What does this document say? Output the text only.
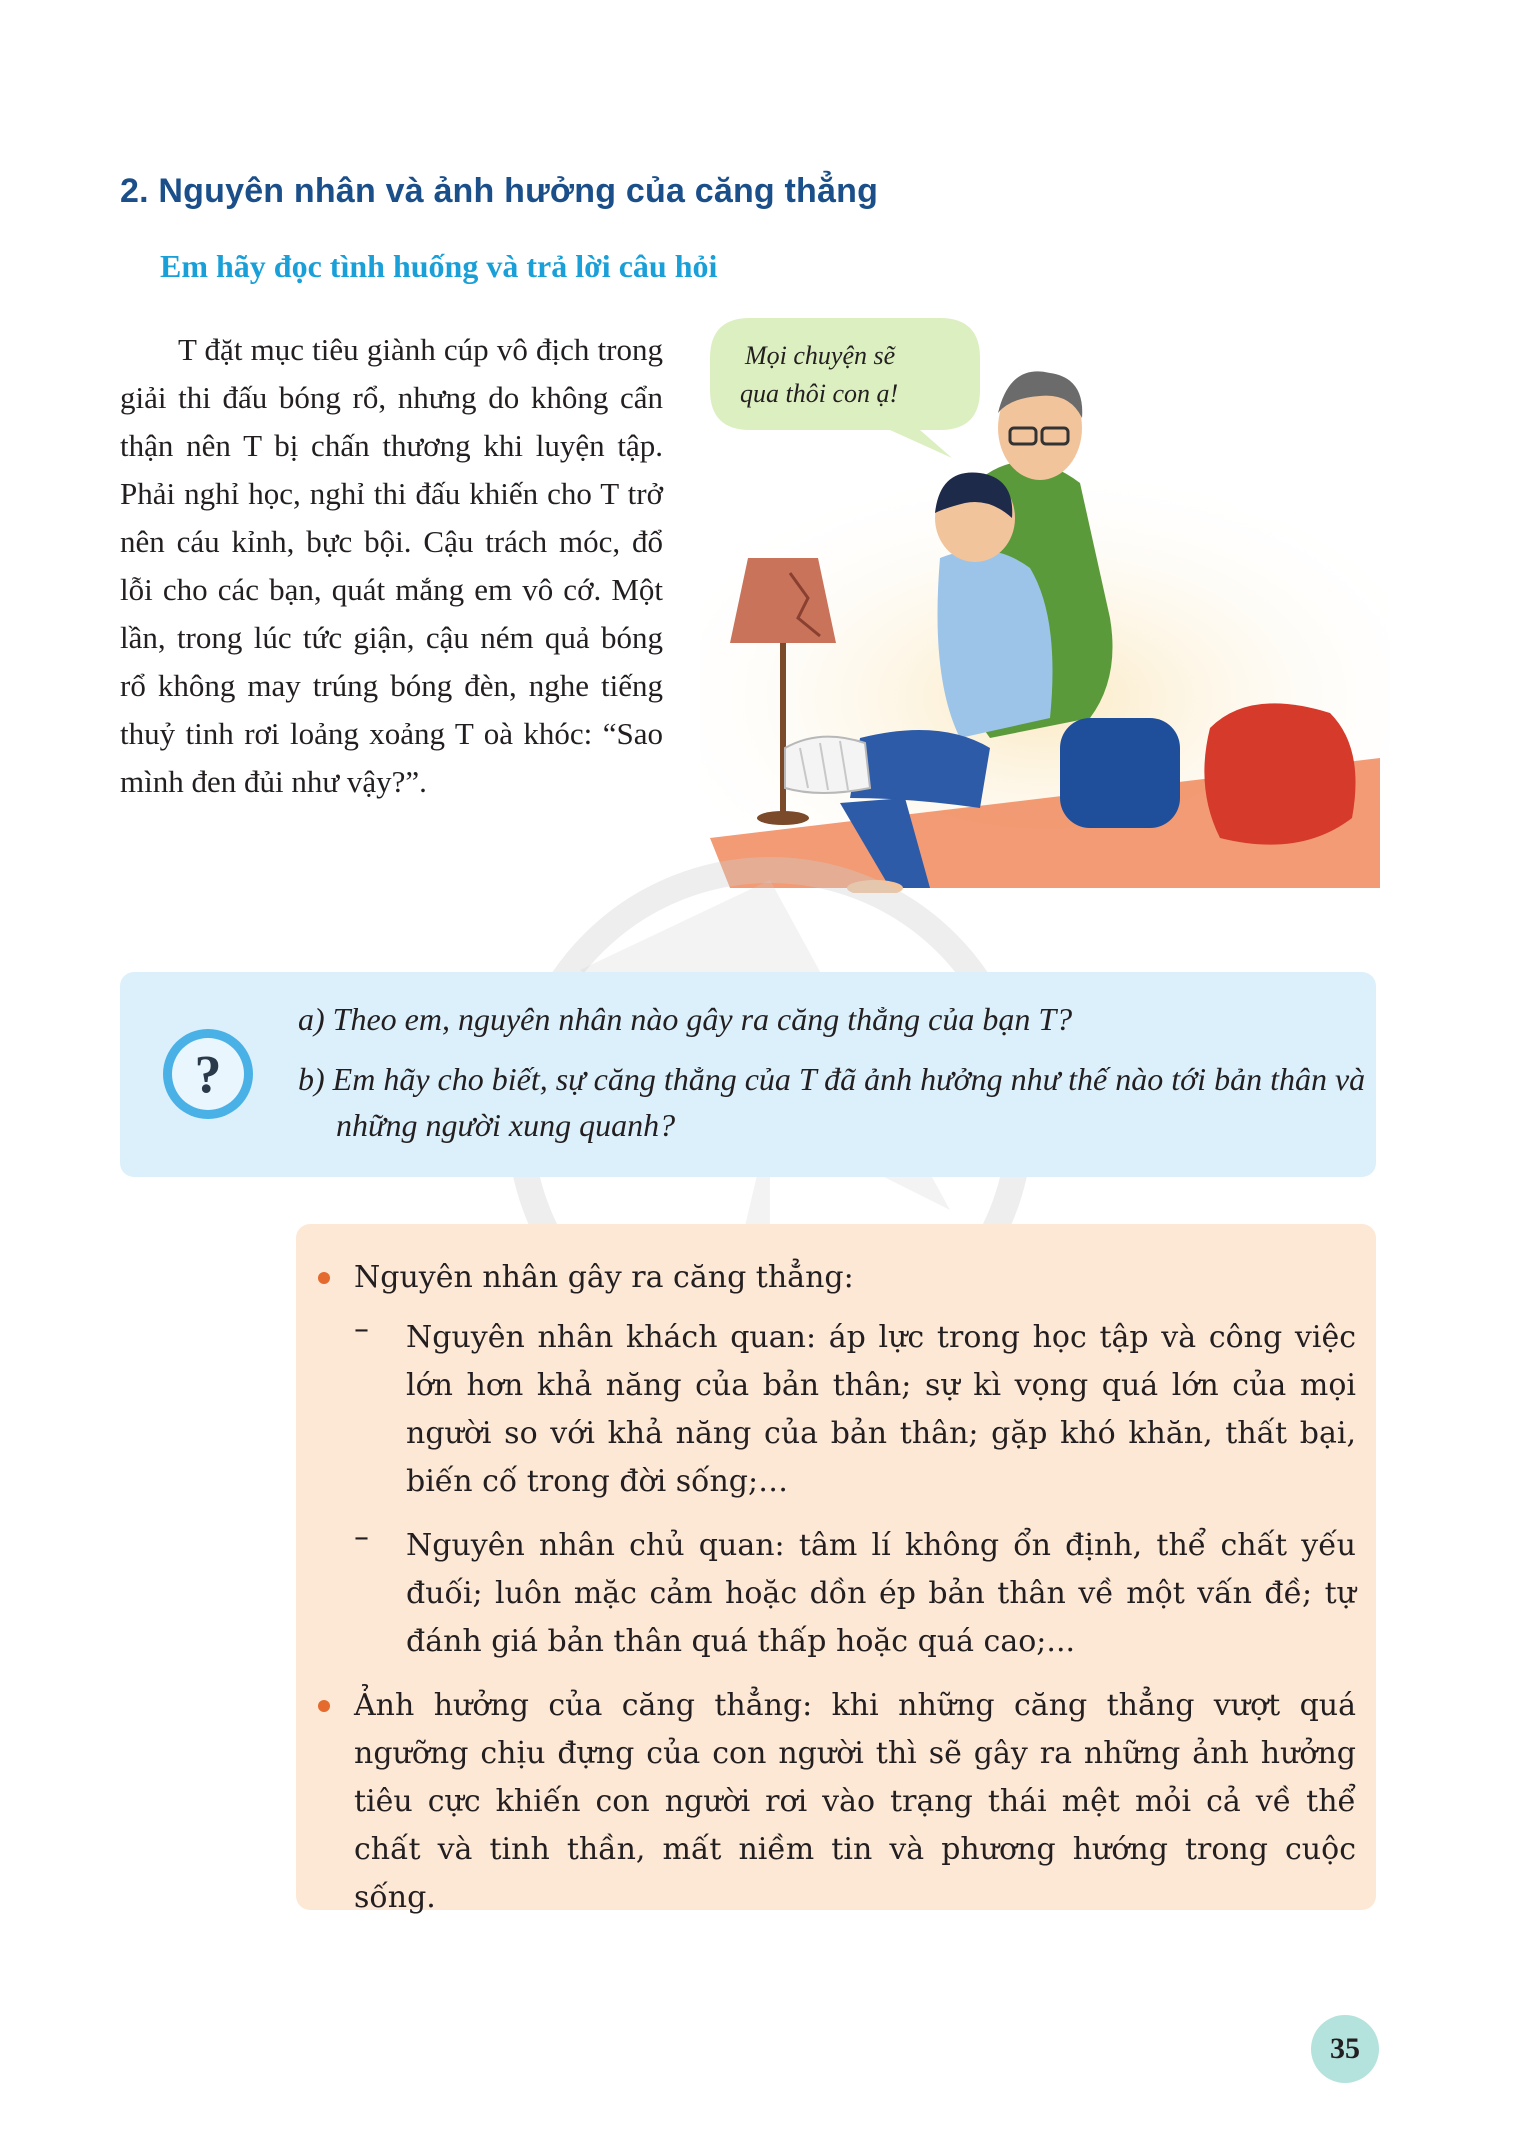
2. Nguyên nhân và ảnh hưởng của căng thẳng
Em hãy đọc tình huống và trả lời câu hỏi

T đặt mục tiêu giành cúp vô địch trong giải thi đấu bóng rổ, nhưng do không cẩn thận nên T bị chấn thương khi luyện tập. Phải nghỉ học, nghỉ thi đấu khiến cho T trở nên cáu kỉnh, bực bội. Cậu trách móc, đổ lỗi cho các bạn, quát mắng em vô cớ. Một lần, trong lúc tức giận, cậu ném quả bóng rổ không may trúng bóng đèn, nghe tiếng thuỷ tinh rơi loảng xoảng T oà khóc: “Sao mình đen đủi như vậy?”.

Mọi chuyện sẽ
qua thôi con ạ!
?

a) Theo em, nguyên nhân nào gây ra căng thẳng của bạn T?

b) Em hãy cho biết, sự căng thẳng của T đã ảnh hưởng như thế nào tới bản thân và những người xung quanh?

Nguyên nhân gây ra căng thẳng:

– Nguyên nhân khách quan: áp lực trong học tập và công việc lớn hơn khả năng của bản thân; sự kì vọng quá lớn của mọi người so với khả năng của bản thân; gặp khó khăn, thất bại, biến cố trong đời sống;…

– Nguyên nhân chủ quan: tâm lí không ổn định, thể chất yếu đuối; luôn mặc cảm hoặc dồn ép bản thân về một vấn đề; tự đánh giá bản thân quá thấp hoặc quá cao;...

Ảnh hưởng của căng thẳng: khi những căng thẳng vượt quá ngưỡng chịu đựng của con người thì sẽ gây ra những ảnh hưởng tiêu cực khiến con người rơi vào trạng thái mệt mỏi cả về thể chất và tinh thần, mất niềm tin và phương hướng trong cuộc sống.

35
